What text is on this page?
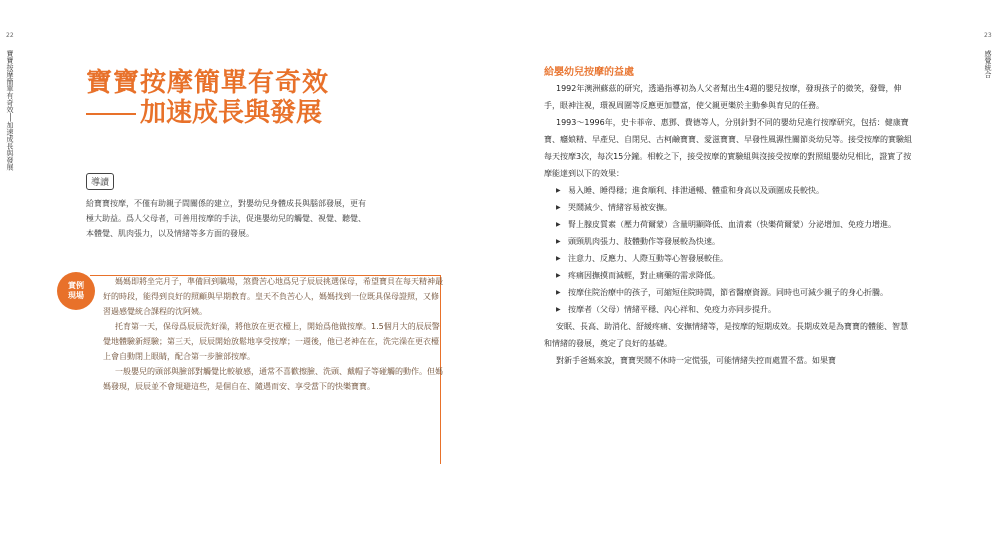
22
寶寶按摩簡單有奇效──加速成長與發展	寶寶按摩簡單有奇效
加速成長與發展
導讀

給寶寶按摩，不僅有助親子間關係的建立，對嬰幼兒身體成長與腦部發展，更有極大助益。爲人父母者，可善用按摩的手法，促進嬰幼兒的觸覺、視覺、聽覺、本體覺、肌肉張力，以及情緒等多方面的發展。

實例
現場

媽媽即將坐完月子，準備回到職場，煞費苦心地爲兒子辰辰挑選保母，希望寶貝在每天精神最好的時段，能得到良好的照顧與早期教育。皇天不負苦心人，媽媽找到一位既具保母證照，又修習過感覺統合課程的沈阿姨。

托育第一天，保母爲辰辰洗好澡，將他放在更衣檯上，開始爲他做按摩。1.5個月大的辰辰警覺地體驗新經驗；第三天，辰辰開始放鬆地享受按摩；一週後，他已老神在在，洗完澡在更衣檯上會自動閉上眼睛，配合第一步臉部按摩。

一般嬰兒的頭部與臉部對觸覺比較敏感，通常不喜歡擦臉、洗頭、戴帽子等碰觸的動作。但媽媽發現，辰辰並不會規避這些，是個自在、隨遇而安、享受當下的快樂寶寶。

23
感覺統合
給嬰幼兒按摩的益處

1992年澳洲蘇茲的研究，透過指導初為人父者幫出生4週的嬰兒按摩，發現孩子的微笑，發聲，伸手，眼神注視，環視周圍等反應更加豐富，使父親更樂於主動參與育兒的任務。

1993～1996年，史卡菲帝、惠鄧、費德等人，分別針對不同的嬰幼兒進行按摩研究，包括：健康寶寶、癮娘精、早產兒、自閉兒、古柯鹼寶寶、愛滋寶寶、早發性風濕性關節炎幼兒等。接受按摩的實驗組每天按摩3次，每次15分鐘。相較之下，接受按摩的實驗組與沒接受按摩的對照組嬰幼兒相比，證實了按摩能達到以下的效果：

▶ 易入睡、睡得穩；進食順利、排泄通暢、體重和身高以及頭圍成長較快。
▶ 哭鬧減少、情緒容易被安撫。
▶ 腎上腺皮質素（壓力荷爾蒙）含量明顯降低、血清素（快樂荷爾蒙）分泌增加、免疫力增進。
▶ 頭頸肌肉張力、肢體動作等發展較為快速。
▶ 注意力、反應力、人際互動等心智發展較佳。
▶ 疼痛因撫摸而減輕，對止痛藥的需求降低。
▶ 按摩住院治療中的孩子，可縮短住院時間，節省醫療資源。同時也可減少親子的身心折騰。
▶ 按摩者（父母）情緒平穩、內心祥和、免疫力亦同步提升。

安眠、長高、助消化、舒緩疼痛、安撫情緒等，是按摩的短期成效。長期成效是為寶寶的體能、智慧和情緒的發展，奠定了良好的基礎。

對新手爸媽來說，寶寶哭鬧不休時一定慌張，可能情緒失控而處置不當。如果寶
